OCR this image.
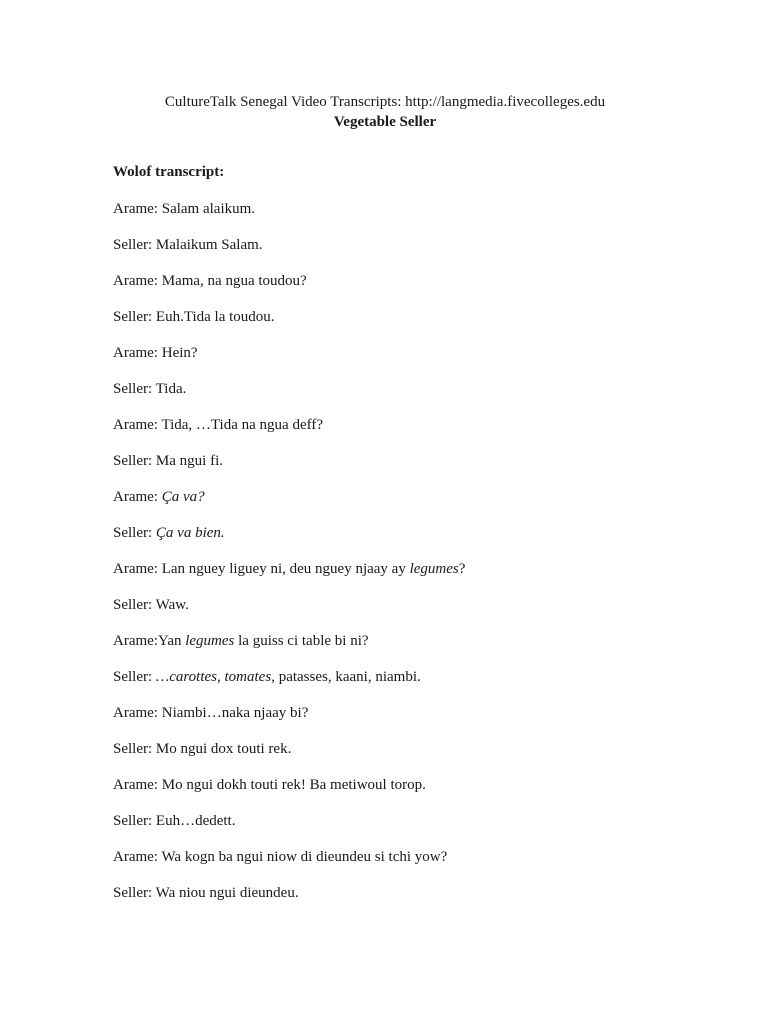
CultureTalk Senegal Video Transcripts: http://langmedia.fivecolleges.edu
Vegetable Seller
Wolof transcript:
Arame: Salam alaikum.
Seller: Malaikum Salam.
Arame: Mama, na ngua toudou?
Seller: Euh.Tida la toudou.
Arame: Hein?
Seller: Tida.
Arame: Tida, …Tida na ngua deff?
Seller: Ma ngui fi.
Arame: Ça va?
Seller: Ça va bien.
Arame: Lan nguey liguey ni, deu nguey njaay ay legumes?
Seller: Waw.
Arame:Yan legumes la guiss ci table bi ni?
Seller: …carottes, tomates, patasses, kaani, niambi.
Arame: Niambi…naka njaay bi?
Seller: Mo ngui dox touti rek.
Arame: Mo ngui dokh touti rek! Ba metiwoul torop.
Seller: Euh…dedett.
Arame: Wa kogn ba ngui niow di dieundeu si tchi yow?
Seller: Wa niou ngui dieundeu.
